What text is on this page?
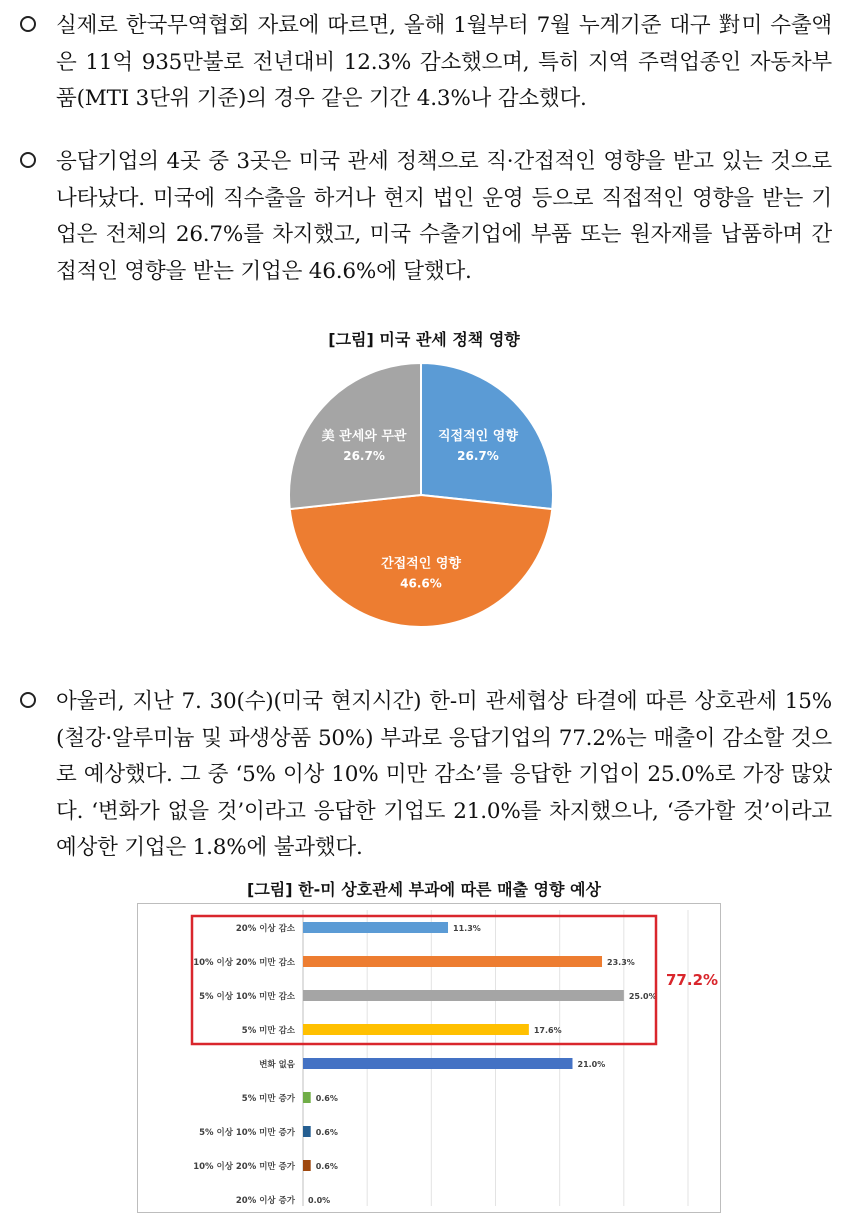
실제로 한국무역협회 자료에 따르면, 올해 1월부터 7월 누계기준 대구 對미 수출액은 11억 935만불로 전년대비 12.3% 감소했으며, 특히 지역 주력업종인 자동차부품(MTI 3단위 기준)의 경우 같은 기간 4.3%나 감소했다.

응답기업의 4곳 중 3곳은 미국 관세 정책으로 직·간접적인 영향을 받고 있는 것으로 나타났다. 미국에 직수출을 하거나 현지 법인 운영 등으로 직접적인 영향을 받는 기업은 전체의 26.7%를 차지했고, 미국 수출기업에 부품 또는 원자재를 납품하며 간접적인 영향을 받는 기업은 46.6%에 달했다.

[그림] 미국 관세 정책 영향
직접적인 영향
26.7%
간접적인 영향
46.6%
美 관세와 무관
26.7%

아울러, 지난 7. 30(수)(미국 현지시간) 한-미 관세협상 타결에 따른 상호관세 15%(철강·알루미늄 및 파생상품 50%) 부과로 응답기업의 77.2%는 매출이 감소할 것으로 예상했다. 그 중 ‘5% 이상 10% 미만 감소’를 응답한 기업이 25.0%로 가장 많았다. ‘변화가 없을 것’이라고 응답한 기업도 21.0%를 차지했으나, ‘증가할 것’이라고 예상한 기업은 1.8%에 불과했다.

[그림] 한-미 상호관세 부과에 따른 매출 영향 예상
20% 이상 감소	11.3%
10% 이상 20% 미만 감소	23.3%
5% 이상 10% 미만 감소	25.0%
5% 미만 감소	17.6%
변화 없음	21.0%
5% 미만 증가	0.6%
5% 이상 10% 미만 증가	0.6%
10% 이상 20% 미만 증가	0.6%
20% 이상 증가 0.0%
77.2%
